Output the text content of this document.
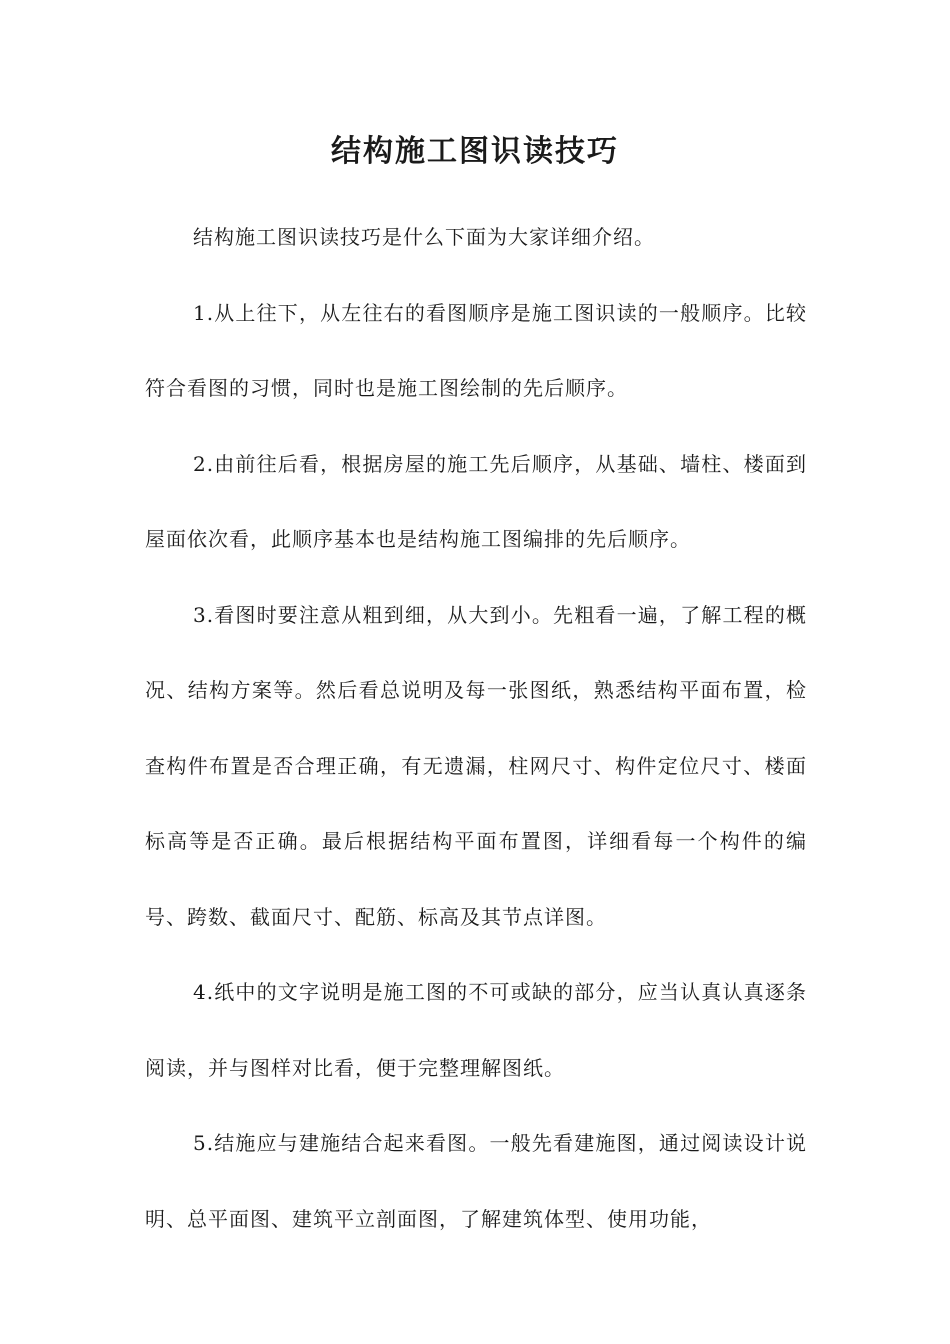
结构施工图识读技巧

结构施工图识读技巧是什么下面为大家详细介绍。

1.从上往下，从左往右的看图顺序是施工图识读的一般顺序。比较符合看图的习惯，同时也是施工图绘制的先后顺序。

2.由前往后看，根据房屋的施工先后顺序，从基础、墙柱、楼面到屋面依次看，此顺序基本也是结构施工图编排的先后顺序。

3.看图时要注意从粗到细，从大到小。先粗看一遍，了解工程的概况、结构方案等。然后看总说明及每一张图纸，熟悉结构平面布置，检查构件布置是否合理正确，有无遗漏，柱网尺寸、构件定位尺寸、楼面标高等是否正确。最后根据结构平面布置图，详细看每一个构件的编号、跨数、截面尺寸、配筋、标高及其节点详图。

4.纸中的文字说明是施工图的不可或缺的部分，应当认真认真逐条阅读，并与图样对比看，便于完整理解图纸。

5.结施应与建施结合起来看图。一般先看建施图，通过阅读设计说明、总平面图、建筑平立剖面图，了解建筑体型、使用功能，
